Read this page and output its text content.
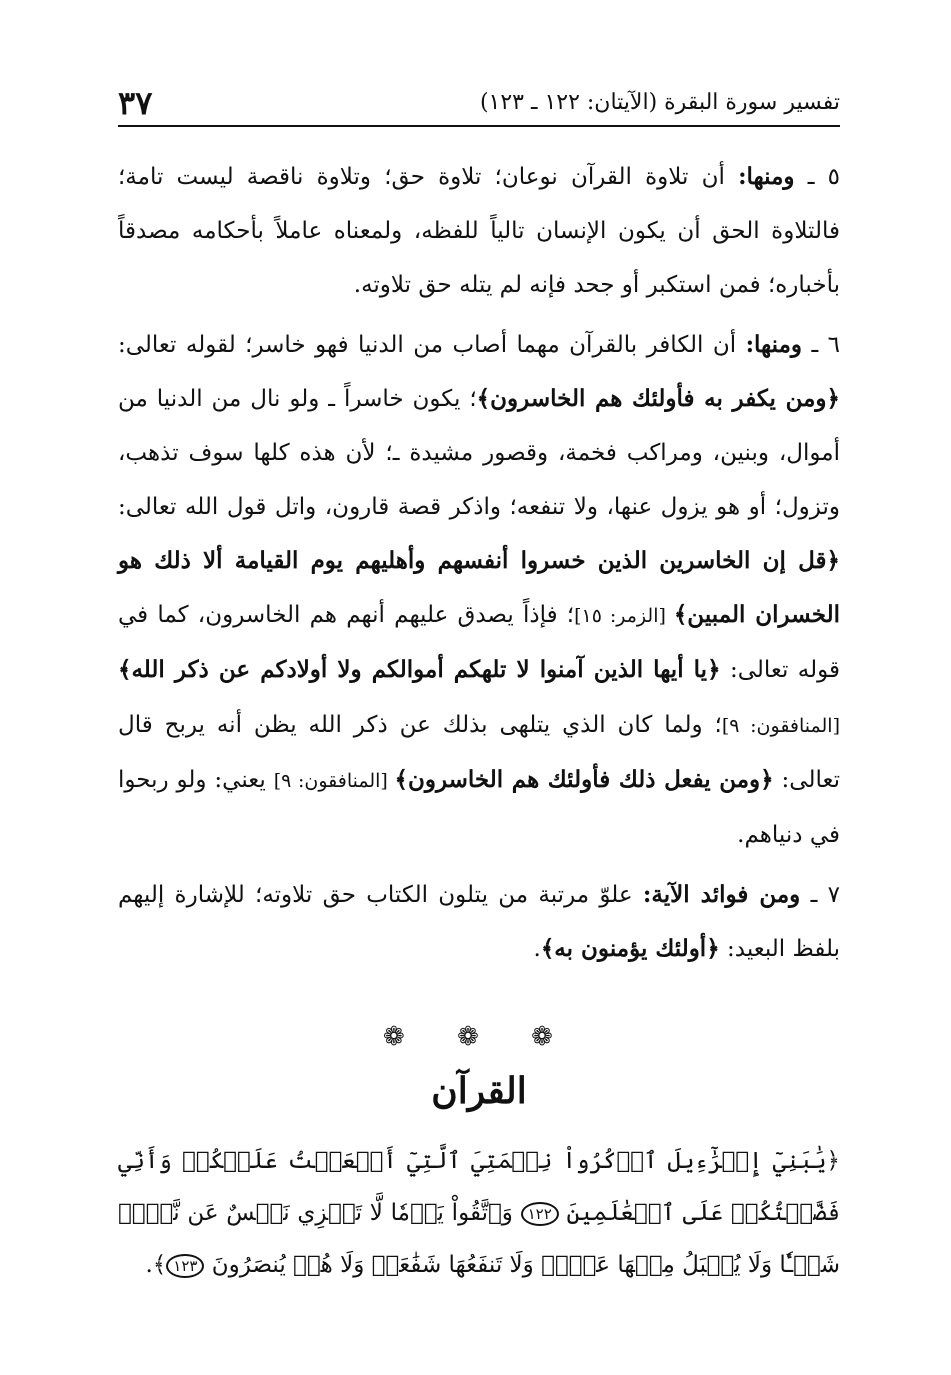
٣٧	تفسير سورة البقرة (الآيتان: ١٢٢ ـ ١٢٣)

٥ ـ ومنها: أن تلاوة القرآن نوعان؛ تلاوة حق؛ وتلاوة ناقصة ليست تامة؛ فالتلاوة الحق أن يكون الإنسان تالياً للفظه، ولمعناه عاملاً بأحكامه مصدقاً بأخباره؛ فمن استكبر أو جحد فإنه لم يتله حق تلاوته.

٦ ـ ومنها: أن الكافر بالقرآن مهما أصاب من الدنيا فهو خاسر؛ لقوله تعالى: ﴿ومن يكفر به فأولئك هم الخاسرون﴾؛ يكون خاسراً ـ ولو نال من الدنيا من أموال، وبنين، ومراكب فخمة، وقصور مشيدة ـ؛ لأن هذه كلها سوف تذهب، وتزول؛ أو هو يزول عنها، ولا تنفعه؛ واذكر قصة قارون، واتل قول الله تعالى: ﴿قل إن الخاسرين الذين خسروا أنفسهم وأهليهم يوم القيامة ألا ذلك هو الخسران المبين﴾ [الزمر: ١٥]؛ فإذاً يصدق عليهم أنهم هم الخاسرون، كما في قوله تعالى: ﴿يا أيها الذين آمنوا لا تلهكم أموالكم ولا أولادكم عن ذكر الله﴾ [المنافقون: ٩]؛ ولما كان الذي يتلهى بذلك عن ذكر الله يظن أنه يربح قال تعالى: ﴿ومن يفعل ذلك فأولئك هم الخاسرون﴾ [المنافقون: ٩] يعني: ولو ربحوا في دنياهم.

٧ ـ ومن فوائد الآية: علوّ مرتبة من يتلون الكتاب حق تلاوته؛ للإشارة إليهم بلفظ البعيد: ﴿أولئك يؤمنون به﴾.

❁ ❁ ❁
القرآن
﴿يَٰبَنِيٓ إِسۡرَٰٓءِيلَ ٱذۡكُرُواْ نِعۡمَتِيَ ٱلَّتِيٓ أَنۡعَمۡتُ عَلَيۡكُمۡ وَأَنِّي فَضَّلۡتُكُمۡ عَلَى ٱلۡعَٰلَمِينَ ١٢٢ وَٱتَّقُواْ يَوۡمٗا لَّا تَجۡزِي نَفۡسٌ عَن نَّفۡسٖ شَيۡـٔٗا وَلَا يُقۡبَلُ مِنۡهَا عَدۡلٞ وَلَا تَنفَعُهَا شَفَٰعَةٞ وَلَا هُمۡ يُنصَرُونَ ١٢٣﴾.
